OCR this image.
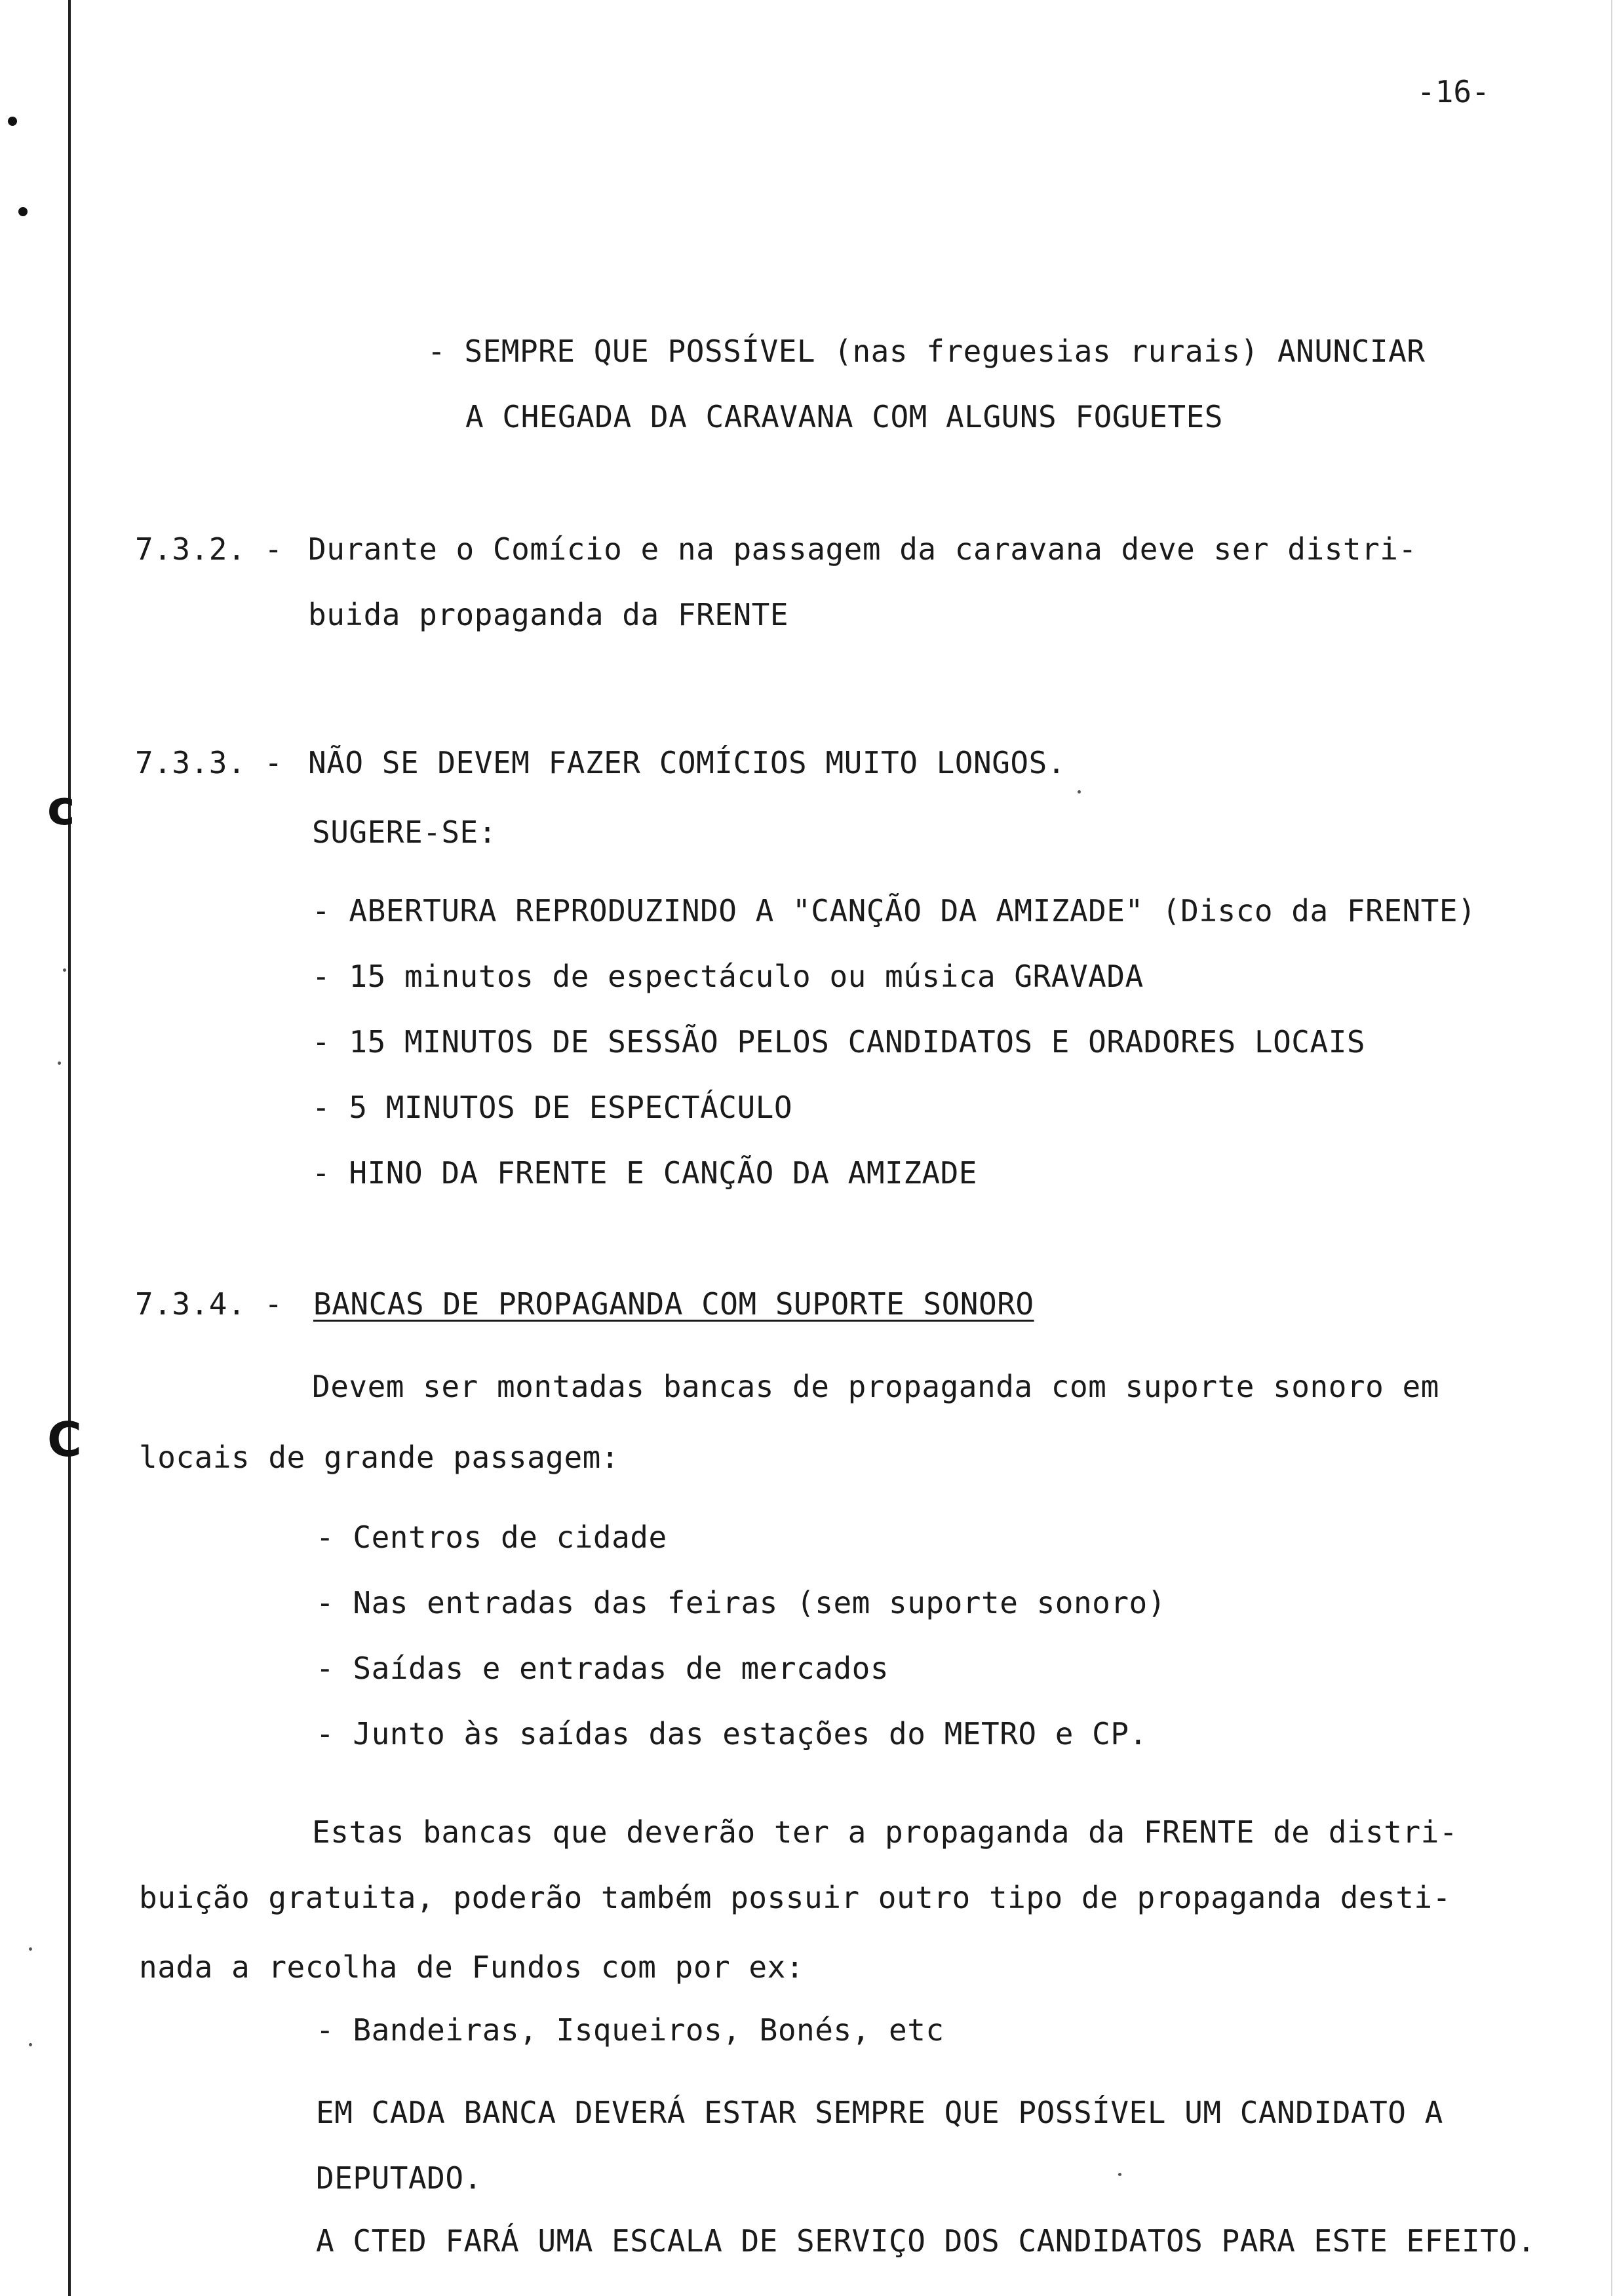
ᴄ
C
-16-
- SEMPRE QUE POSSÍVEL (nas freguesias rurais) ANUNCIAR
A CHEGADA DA CARAVANA COM ALGUNS FOGUETES
7.3.2. - Durante o Comício e na passagem da caravana deve ser distri-
buida propaganda da FRENTE
7.3.3. - NÃO SE DEVEM FAZER COMÍCIOS MUITO LONGOS.
SUGERE-SE:
- ABERTURA REPRODUZINDO A "CANÇÃO DA AMIZADE" (Disco da FRENTE)
- 15 minutos de espectáculo ou música GRAVADA
- 15 MINUTOS DE SESSÃO PELOS CANDIDATOS E ORADORES LOCAIS
- 5 MINUTOS DE ESPECTÁCULO
- HINO DA FRENTE E CANÇÃO DA AMIZADE
7.3.4. - BANCAS DE PROPAGANDA COM SUPORTE SONORO
Devem ser montadas bancas de propaganda com suporte sonoro em
locais de grande passagem:
- Centros de cidade
- Nas entradas das feiras (sem suporte sonoro)
- Saídas e entradas de mercados
- Junto às saídas das estações do METRO e CP.
Estas bancas que deverão ter a propaganda da FRENTE de distri-
buição gratuita, poderão também possuir outro tipo de propaganda desti-
nada a recolha de Fundos com por ex:
- Bandeiras, Isqueiros, Bonés, etc
EM CADA BANCA DEVERÁ ESTAR SEMPRE QUE POSSÍVEL UM CANDIDATO A
DEPUTADO.
A CTED FARÁ UMA ESCALA DE SERVIÇO DOS CANDIDATOS PARA ESTE EFEITO.
